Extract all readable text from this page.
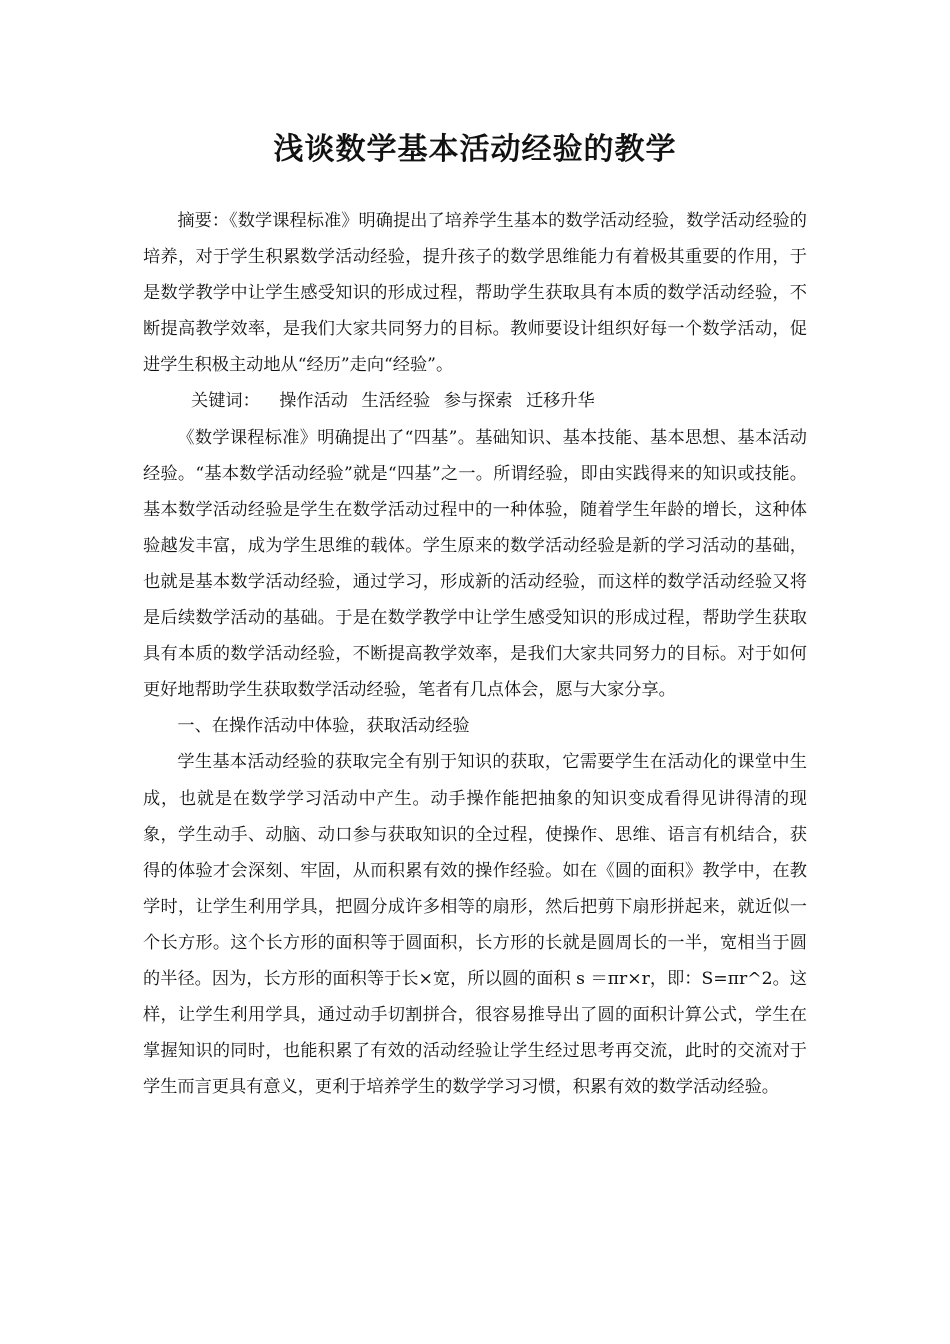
浅谈数学基本活动经验的教学

摘要：《数学课程标准》明确提出了培养学生基本的数学活动经验，数学活动经验的培养，对于学生积累数学活动经验，提升孩子的数学思维能力有着极其重要的作用，于是数学教学中让学生感受知识的形成过程，帮助学生获取具有本质的数学活动经验，不断提高教学效率，是我们大家共同努力的目标。教师要设计组织好每一个数学活动，促进学生积极主动地从“经历”走向“经验”。

关键词： 操作活动 生活经验 参与探索 迁移升华

《数学课程标准》明确提出了“四基”。基础知识、基本技能、基本思想、基本活动经验。“基本数学活动经验”就是“四基”之一。所谓经验，即由实践得来的知识或技能。基本数学活动经验是学生在数学活动过程中的一种体验，随着学生年龄的增长，这种体验越发丰富，成为学生思维的载体。学生原来的数学活动经验是新的学习活动的基础，也就是基本数学活动经验，通过学习，形成新的活动经验，而这样的数学活动经验又将是后续数学活动的基础。于是在数学教学中让学生感受知识的形成过程，帮助学生获取具有本质的数学活动经验，不断提高教学效率，是我们大家共同努力的目标。对于如何更好地帮助学生获取数学活动经验，笔者有几点体会，愿与大家分享。

一、在操作活动中体验，获取活动经验

学生基本活动经验的获取完全有别于知识的获取，它需要学生在活动化的课堂中生成，也就是在数学学习活动中产生。动手操作能把抽象的知识变成看得见讲得清的现象，学生动手、动脑、动口参与获取知识的全过程，使操作、思维、语言有机结合，获得的体验才会深刻、牢固，从而积累有效的操作经验。如在《圆的面积》教学中，在教学时，让学生利用学具，把圆分成许多相等的扇形，然后把剪下扇形拼起来，就近似一个长方形。这个长方形的面积等于圆面积，长方形的长就是圆周长的一半，宽相当于圆的半径。因为，长方形的面积等于长×宽，所以圆的面积 s ＝πr×r，即：S=πr^2。这样，让学生利用学具，通过动手切割拼合，很容易推导出了圆的面积计算公式，学生在掌握知识的同时，也能积累了有效的活动经验让学生经过思考再交流，此时的交流对于学生而言更具有意义，更利于培养学生的数学学习习惯，积累有效的数学活动经验。
